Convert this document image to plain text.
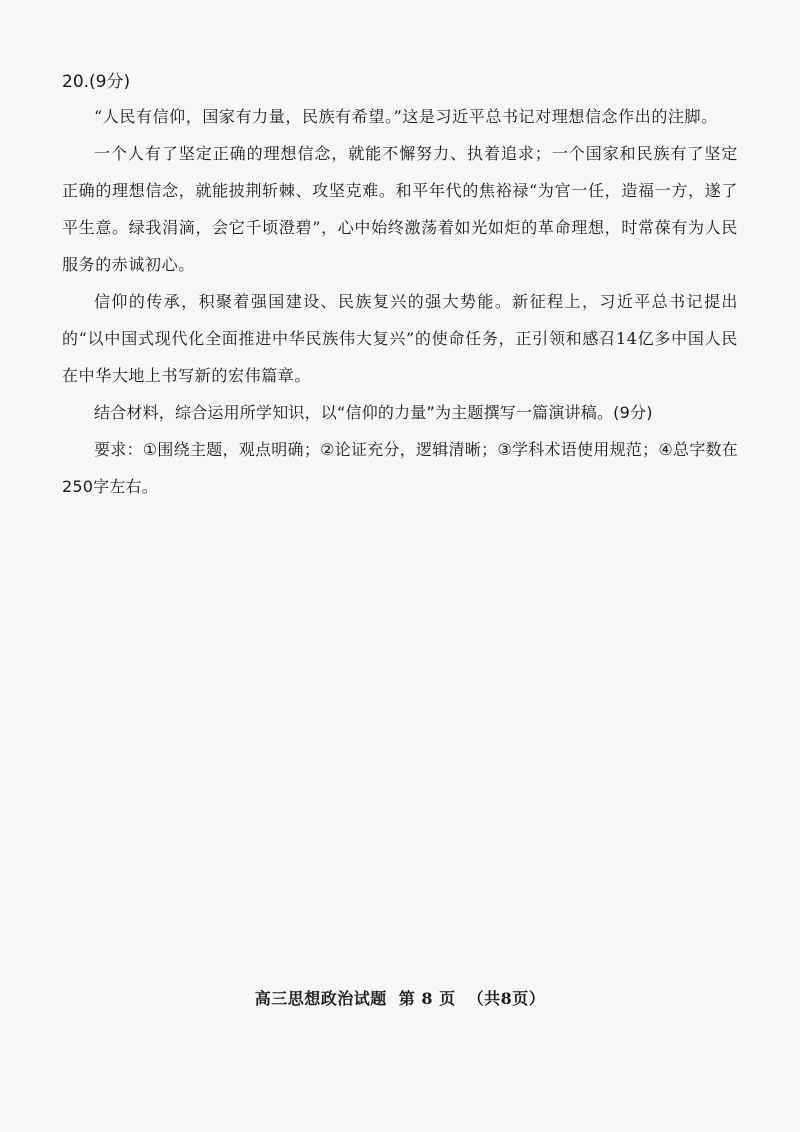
20.(9分)

“人民有信仰，国家有力量，民族有希望。”这是习近平总书记对理想信念作出的注脚。

一个人有了坚定正确的理想信念，就能不懈努力、执着追求；一个国家和民族有了坚定正确的理想信念，就能披荆斩棘、攻坚克难。和平年代的焦裕禄“为官一任，造福一方，遂了平生意。绿我涓滴，会它千顷澄碧”，心中始终激荡着如光如炬的革命理想，时常葆有为人民服务的赤诚初心。

信仰的传承，积聚着强国建设、民族复兴的强大势能。新征程上，习近平总书记提出的“以中国式现代化全面推进中华民族伟大复兴”的使命任务，正引领和感召14亿多中国人民在中华大地上书写新的宏伟篇章。

结合材料，综合运用所学知识，以“信仰的力量”为主题撰写一篇演讲稿。(9分)

要求：①围绕主题，观点明确；②论证充分，逻辑清晰；③学科术语使用规范；④总字数在250字左右。

高三思想政治试题 第 8 页 （共8页）
